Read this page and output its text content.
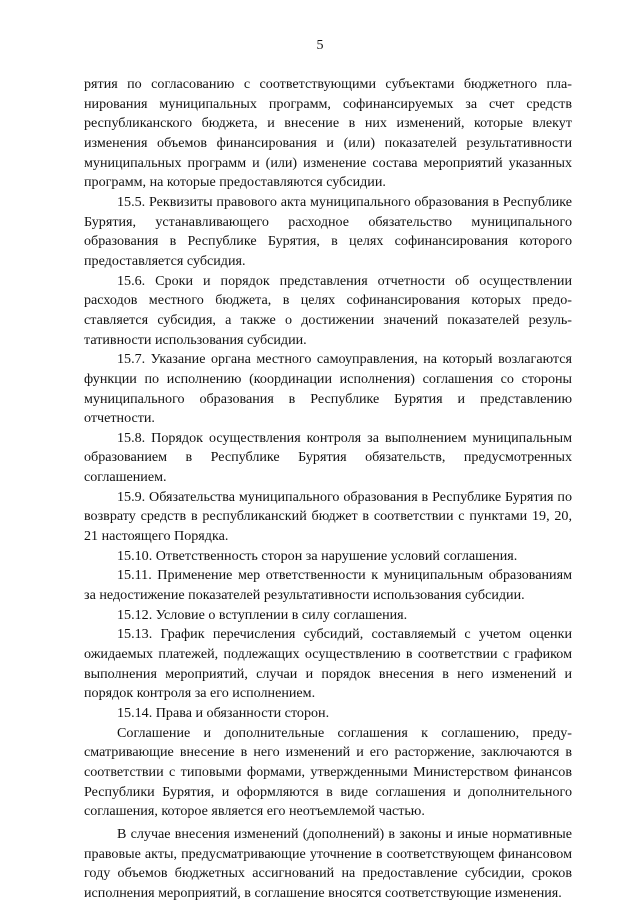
5

рятия по согласованию с соответствующими субъектами бюджетного планирования муниципальных программ, софинансируемых за счет средств республиканского бюджета, и внесение в них изменений, которые влекут изменения объемов финансирования и (или) показателей результативности муниципальных программ и (или) изменение состава мероприятий указанных программ, на которые предоставляются субсидии.

15.5. Реквизиты правового акта муниципального образования в Республике Бурятия, устанавливающего расходное обязательство муниципального образования в Республике Бурятия, в целях софинансирования которого предоставляется субсидия.

15.6. Сроки и порядок представления отчетности об осуществлении расходов местного бюджета, в целях софинансирования которых предоставляется субсидия, а также о достижении значений показателей результативности использования субсидии.

15.7. Указание органа местного самоуправления, на который возлагаются функции по исполнению (координации исполнения) соглашения со стороны муниципального образования в Республике Бурятия и представлению отчетности.

15.8. Порядок осуществления контроля за выполнением муниципальным образованием в Республике Бурятия обязательств, предусмотренных соглашением.

15.9. Обязательства муниципального образования в Республике Бурятия по возврату средств в республиканский бюджет в соответствии с пунктами 19, 20, 21 настоящего Порядка.

15.10. Ответственность сторон за нарушение условий соглашения.

15.11. Применение мер ответственности к муниципальным образованиям за недостижение показателей результативности использования субсидии.

15.12. Условие о вступлении в силу соглашения.

15.13. График перечисления субсидий, составляемый с учетом оценки ожидаемых платежей, подлежащих осуществлению в соответствии с графиком выполнения мероприятий, случаи и порядок внесения в него изменений и порядок контроля за его исполнением.

15.14. Права и обязанности сторон.

Соглашение и дополнительные соглашения к соглашению, предусматривающие внесение в него изменений и его расторжение, заключаются в соответствии с типовыми формами, утвержденными Министерством финансов Республики Бурятия, и оформляются в виде соглашения и дополнительного соглашения, которое является его неотъемлемой частью.

В случае внесения изменений (дополнений) в законы и иные нормативные правовые акты, предусматривающие уточнение в соответствующем финансовом году объемов бюджетных ассигнований на предоставление субсидии, сроков исполнения мероприятий, в соглашение вносятся соответствующие изменения.
